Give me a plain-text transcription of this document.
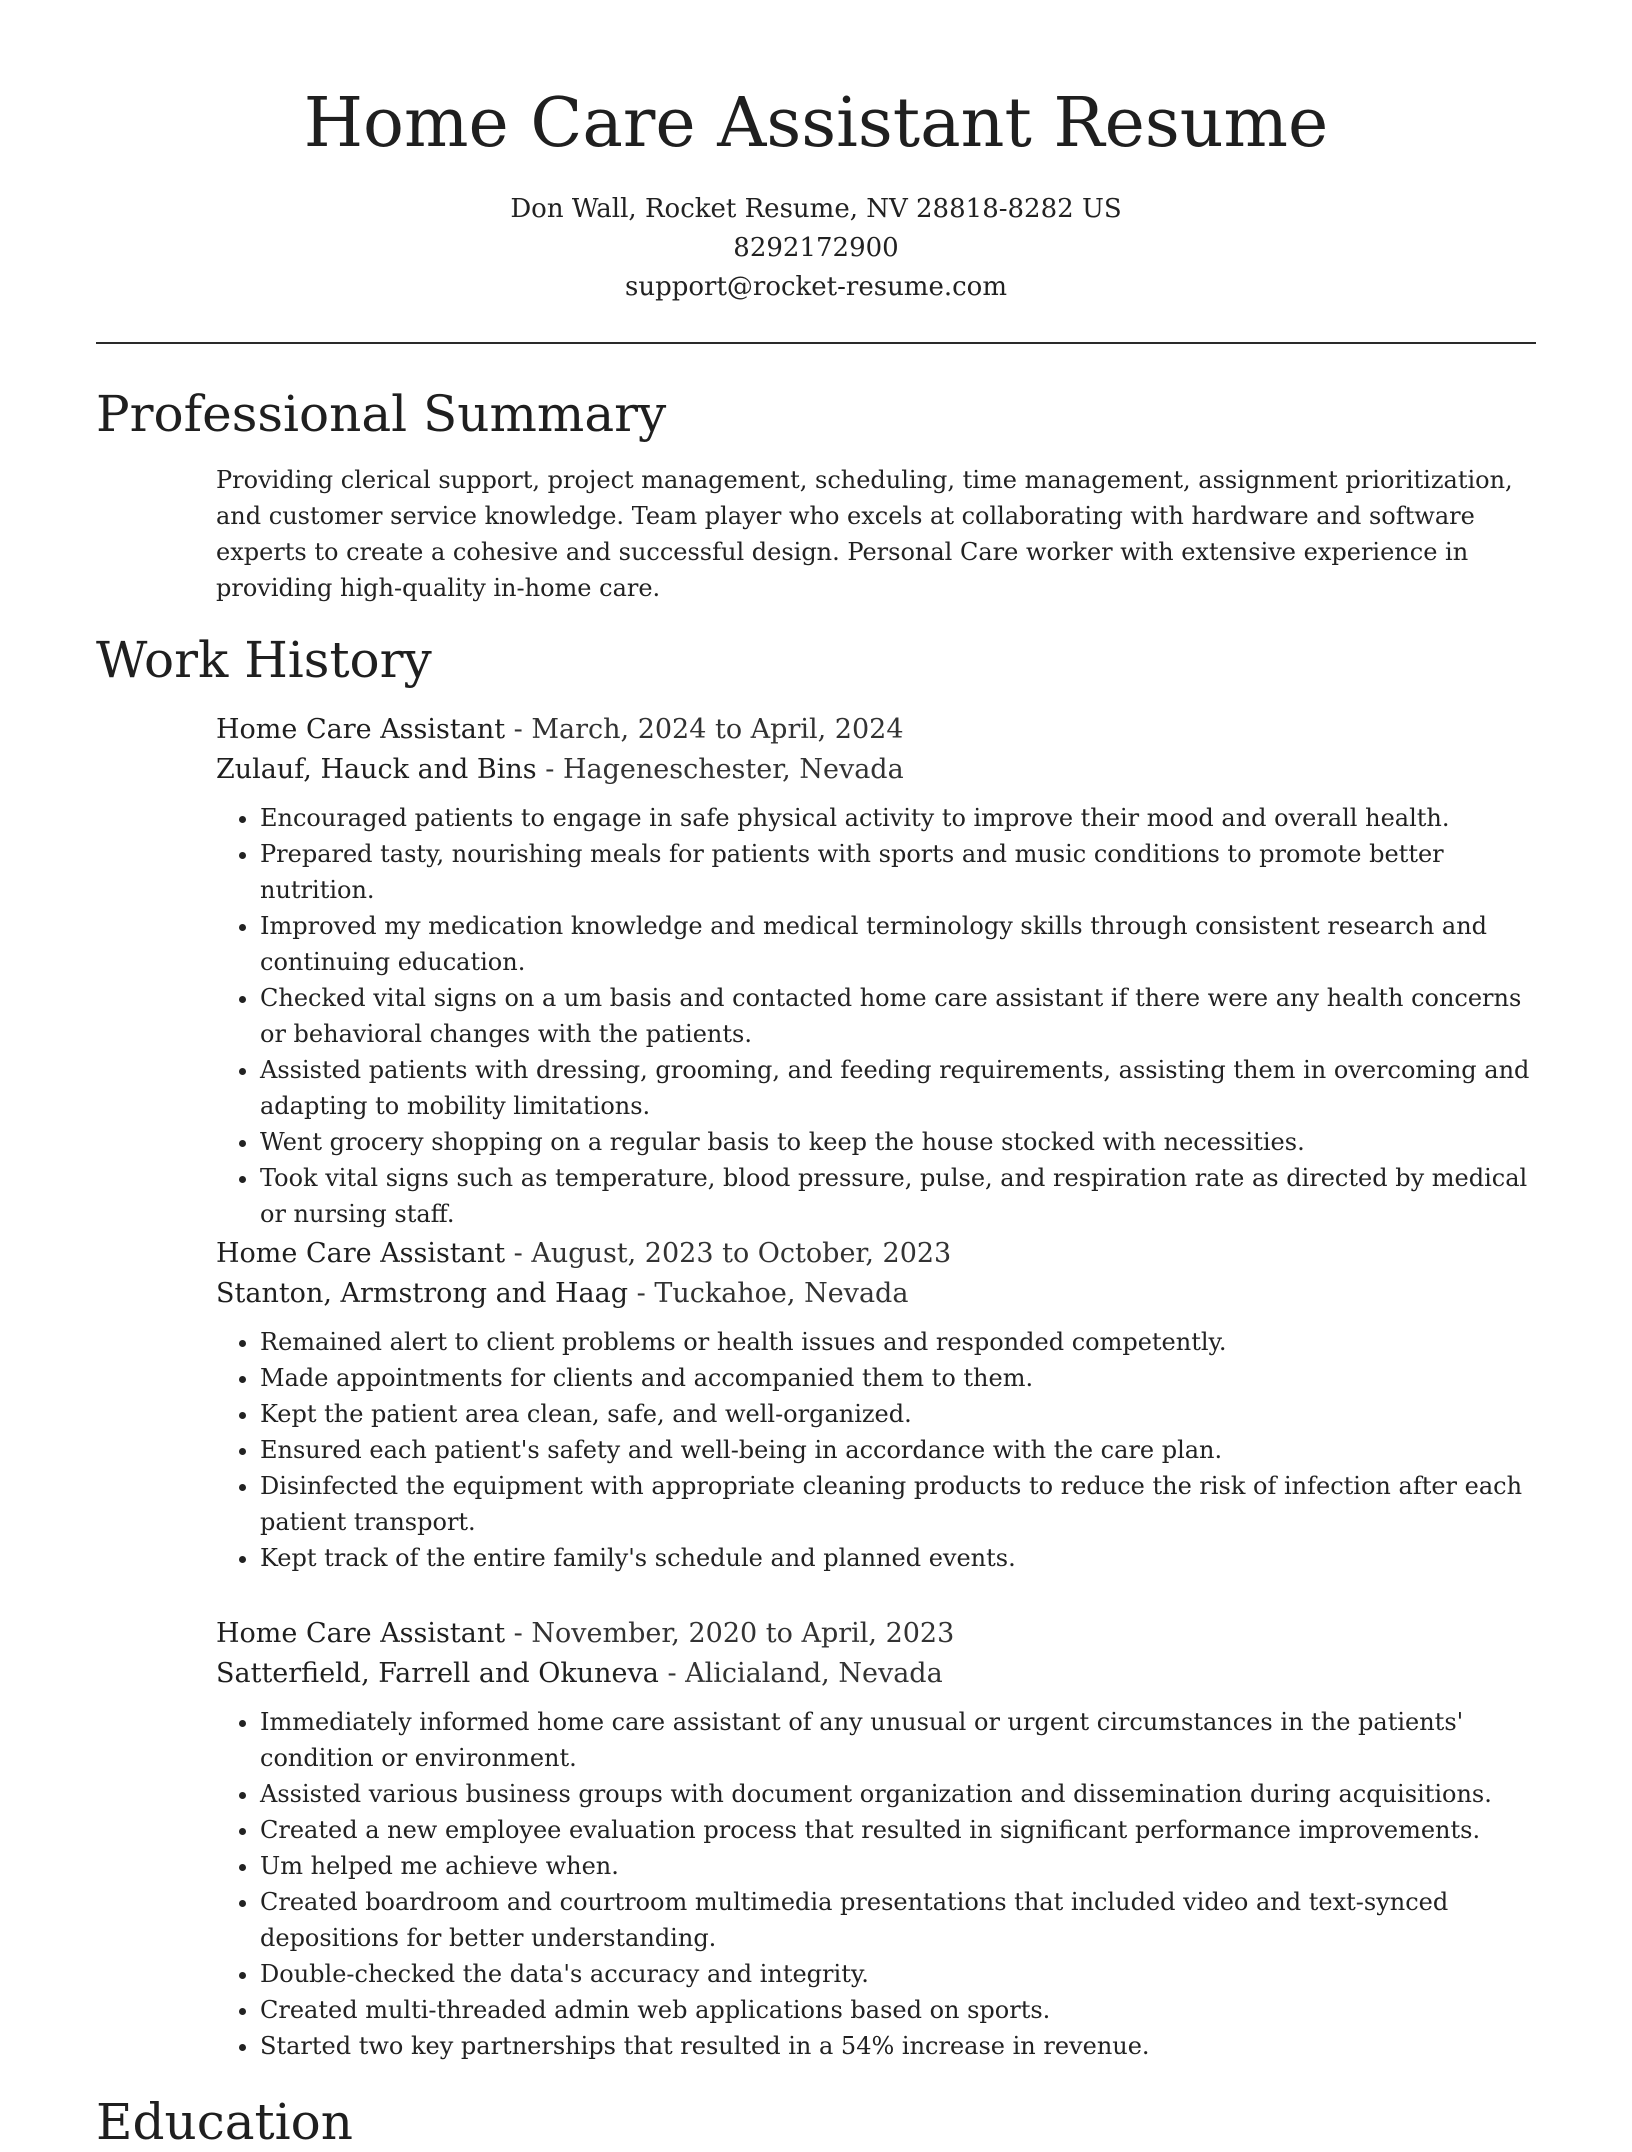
Home Care Assistant Resume
Don Wall, Rocket Resume, NV 28818-8282 US
8292172900
support@rocket-resume.com
Professional Summary

Providing clerical support, project management, scheduling, time management, assignment prioritization, and customer service knowledge. Team player who excels at collaborating with hardware and software experts to create a cohesive and successful design. Personal Care worker with extensive experience in providing high-quality in-home care.

Work History
Home Care Assistant - March, 2024 to April, 2024
Zulauf, Hauck and Bins - Hageneschester, Nevada
• Encouraged patients to engage in safe physical activity to improve their mood and overall health.
• Prepared tasty, nourishing meals for patients with sports and music conditions to promote better nutrition.
• Improved my medication knowledge and medical terminology skills through consistent research and continuing education.
• Checked vital signs on a um basis and contacted home care assistant if there were any health concerns or behavioral changes with the patients.
• Assisted patients with dressing, grooming, and feeding requirements, assisting them in overcoming and adapting to mobility limitations.
• Went grocery shopping on a regular basis to keep the house stocked with necessities.
• Took vital signs such as temperature, blood pressure, pulse, and respiration rate as directed by medical or nursing staff.
Home Care Assistant - August, 2023 to October, 2023
Stanton, Armstrong and Haag - Tuckahoe, Nevada
• Remained alert to client problems or health issues and responded competently.
• Made appointments for clients and accompanied them to them.
• Kept the patient area clean, safe, and well-organized.
• Ensured each patient's safety and well-being in accordance with the care plan.
• Disinfected the equipment with appropriate cleaning products to reduce the risk of infection after each patient transport.
• Kept track of the entire family's schedule and planned events.
Home Care Assistant - November, 2020 to April, 2023
Satterfield, Farrell and Okuneva - Alicialand, Nevada
• Immediately informed home care assistant of any unusual or urgent circumstances in the patients' condition or environment.
• Assisted various business groups with document organization and dissemination during acquisitions.
• Created a new employee evaluation process that resulted in significant performance improvements.
• Um helped me achieve when.
• Created boardroom and courtroom multimedia presentations that included video and text-synced depositions for better understanding.
• Double-checked the data's accuracy and integrity.
• Created multi-threaded admin web applications based on sports.
• Started two key partnerships that resulted in a 54% increase in revenue.
Education
